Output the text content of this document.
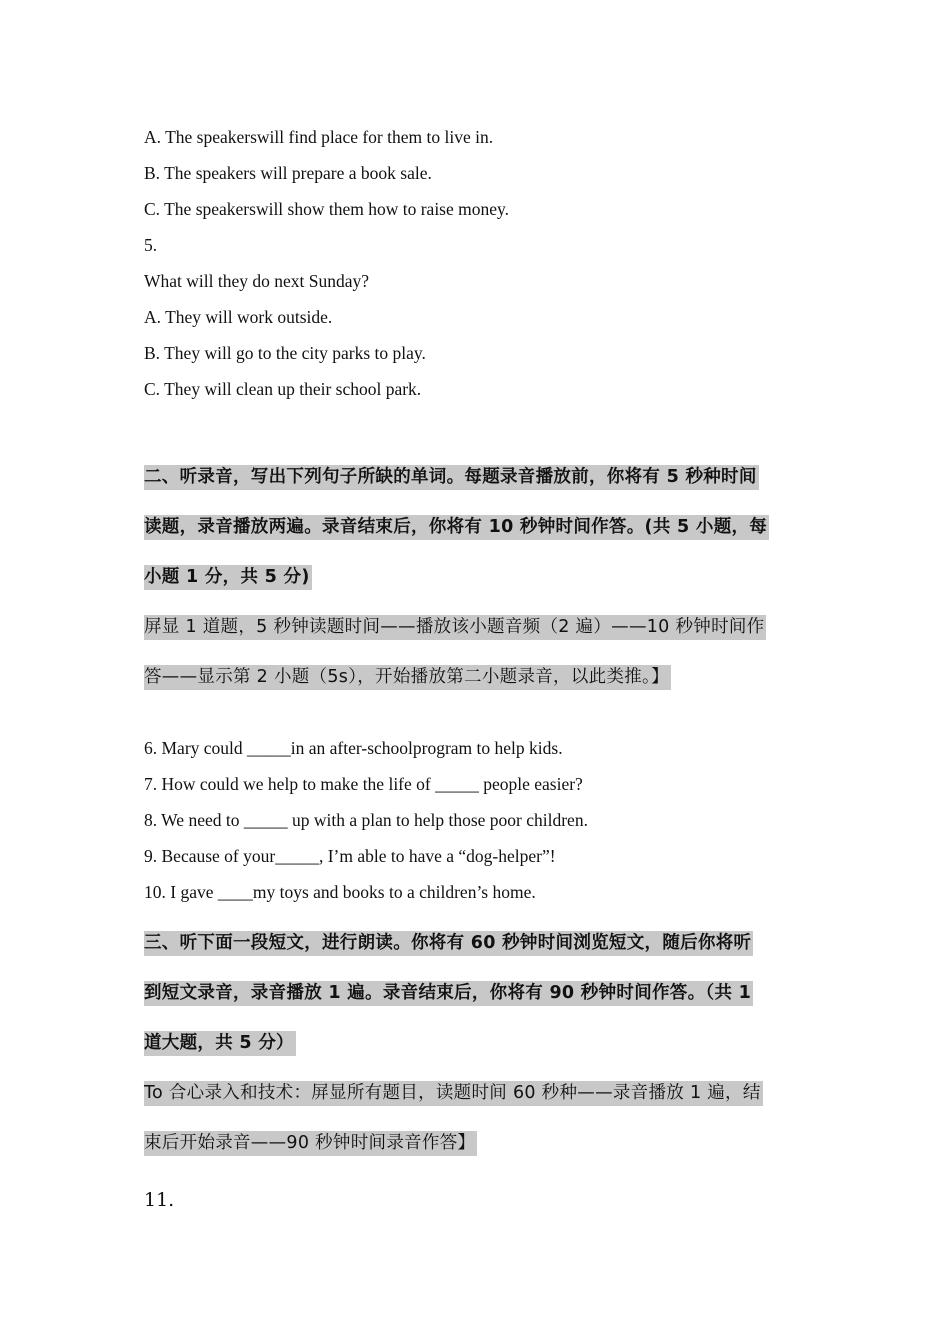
A. The speakerswill find place for them to live in.
B. The speakers will prepare a book sale.
C. The speakerswill show them how to raise money.
5.
What will they do next Sunday?
A. They will work outside.
B. They will go to the city parks to play.
C. They will clean up their school park.
二、听录音，写出下列句子所缺的单词。每题录音播放前，你将有 5 秒种时间
读题，录音播放两遍。录音结束后，你将有 10 秒钟时间作答。(共 5 小题，每
小题 1 分，共 5 分)
屏显 1 道题，5 秒钟读题时间——播放该小题音频（2 遍）——10 秒钟时间作
答——显示第 2 小题（5s），开始播放第二小题录音，以此类推。】
6. Mary could _____in an after-schoolprogram to help kids.
7. How could we help to make the life of _____ people easier?
8. We need to _____ up with a plan to help those poor children.
9. Because of your_____, I’m able to have a “dog-helper”!
10. I gave ____my toys and books to a children’s home.
三、听下面一段短文，进行朗读。你将有 60 秒钟时间浏览短文，随后你将听
到短文录音，录音播放 1 遍。录音结束后，你将有 90 秒钟时间作答。（共 1
道大题，共 5 分）
To 合心录入和技术：屏显所有题目，读题时间 60 秒种——录音播放 1 遍，结
束后开始录音——90 秒钟时间录音作答】
11.
